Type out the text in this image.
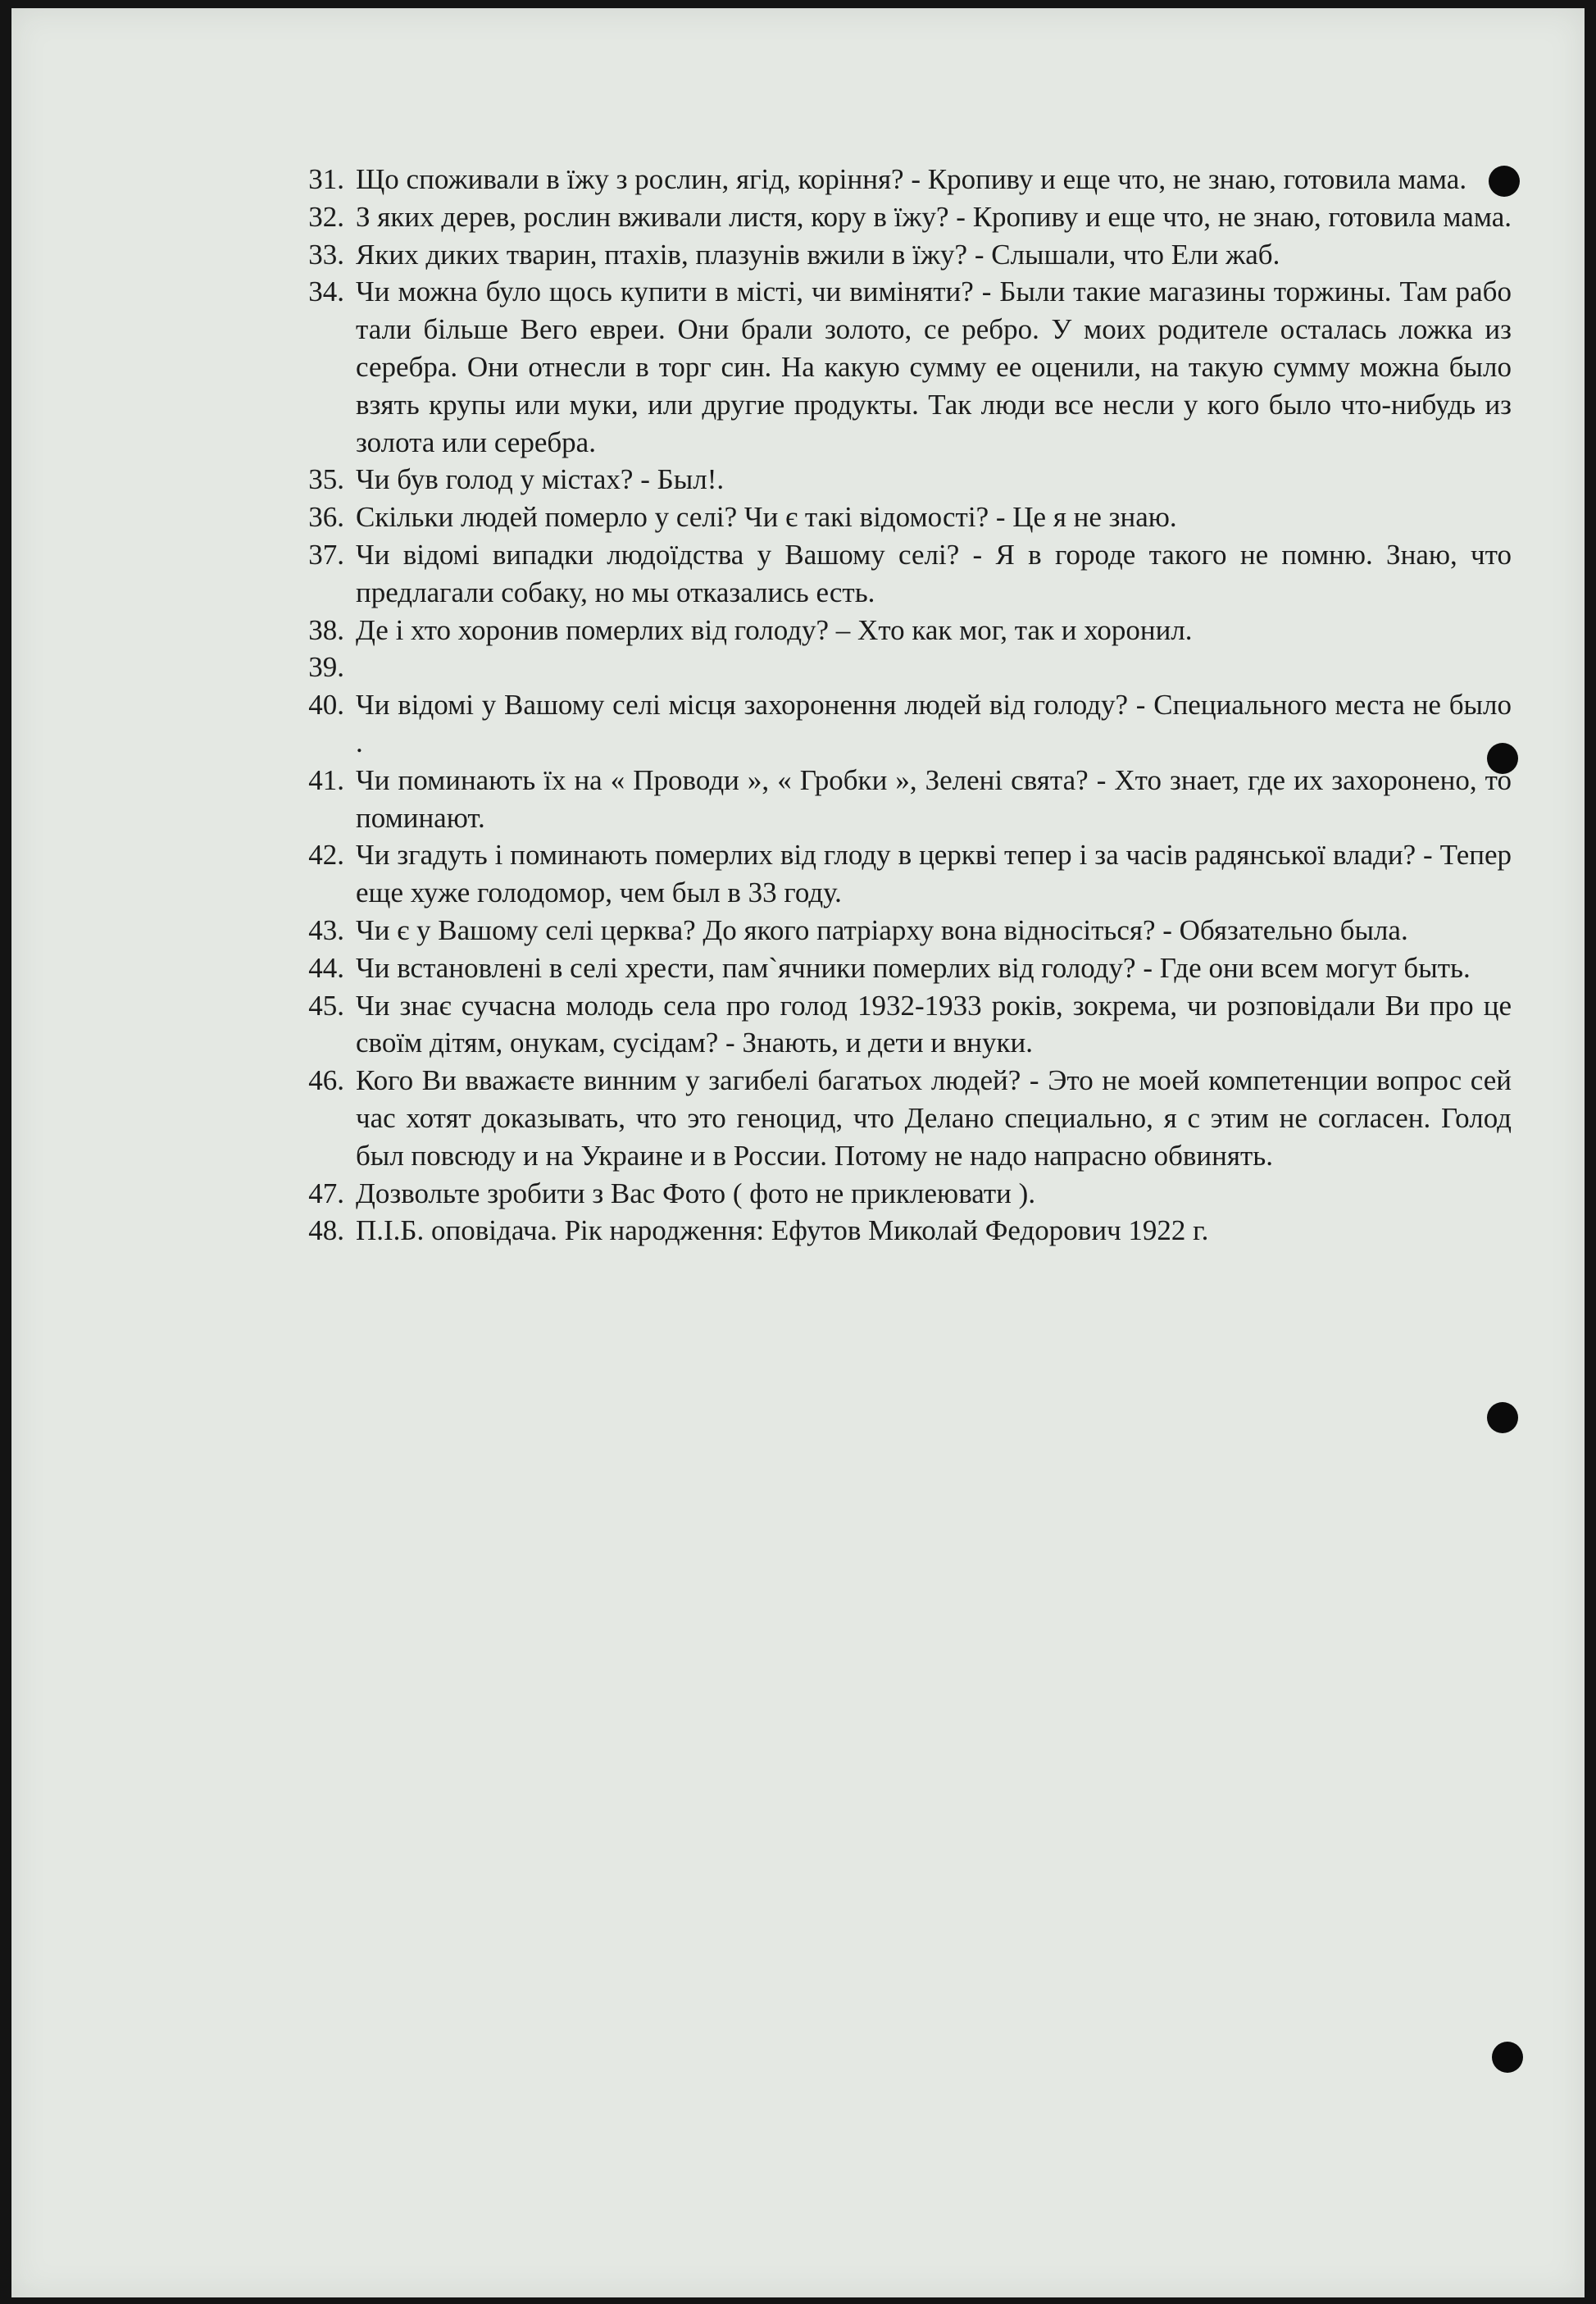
31. Що споживали в їжу з рослин, ягід, коріння? - Кропиву и еще что, не знаю, готовила мама.
32. З яких дерев, рослин вживали листя, кору в їжу? - Кропиву и еще что, не знаю, готовила мама.
33. Яких диких тварин, птахів, плазунів вжили в їжу? - Слышали, что Ели жаб.
34. Чи можна було щось купити в місті, чи виміняти? - Были такие магазины торжины. Там рабо тали більше Вего евреи. Они брали золото, се ребро. У моих родителе осталась ложка из серебра. Они отнесли в торг син. На какую сумму ее оценили, на такую сумму можна было взять крупы или муки, или другие продукты. Так люди все несли у кого было что-нибудь из золота или серебра.
35. Чи був голод у містах? - Был!.
36. Скільки людей померло у селі? Чи є такі відомості? - Це я не знаю.
37. Чи відомі випадки людоїдства у Вашому селі? - Я в городе такого не помню. Знаю, что предлагали собаку, но мы отказались есть.
38. Де і хто хоронив померлих від голоду? – Хто как мог, так и хоронил.
39.
40. Чи відомі у Вашому селі місця захоронення людей від голоду? - Специального места не было .
41. Чи поминають їх на « Проводи », « Гробки », Зелені свята? - Хто знает, где их захоронено, то поминают.
42. Чи згадуть і поминають померлих від глоду в церкві тепер і за часів радянської влади? - Тепер еще хуже голодомор, чем был в 33 году.
43. Чи є у Вашому селі церква? До якого патріарху вона відносіться? - Обязательно была.
44. Чи встановлені в селі хрести, пам`ячники померлих від голоду? - Где они всем могут быть.
45. Чи знає сучасна молодь села про голод 1932-1933 років, зокрема, чи розповідали Ви про це своїм дітям, онукам, сусідам? - Знають, и дети и внуки.
46. Кого Ви вважаєте винним у загибелі багатьох людей? - Это не моей компетенции вопрос сей час хотят доказывать, что это геноцид, что Делано специально, я с этим не согласен. Голод был повсюду и на Украине и в России. Потому не надо напрасно обвинять.
47. Дозвольте зробити з Вас Фото ( фото не приклеювати ).
48. П.І.Б. оповідача. Рік народження: Ефутов Миколай Федорович 1922 г.
